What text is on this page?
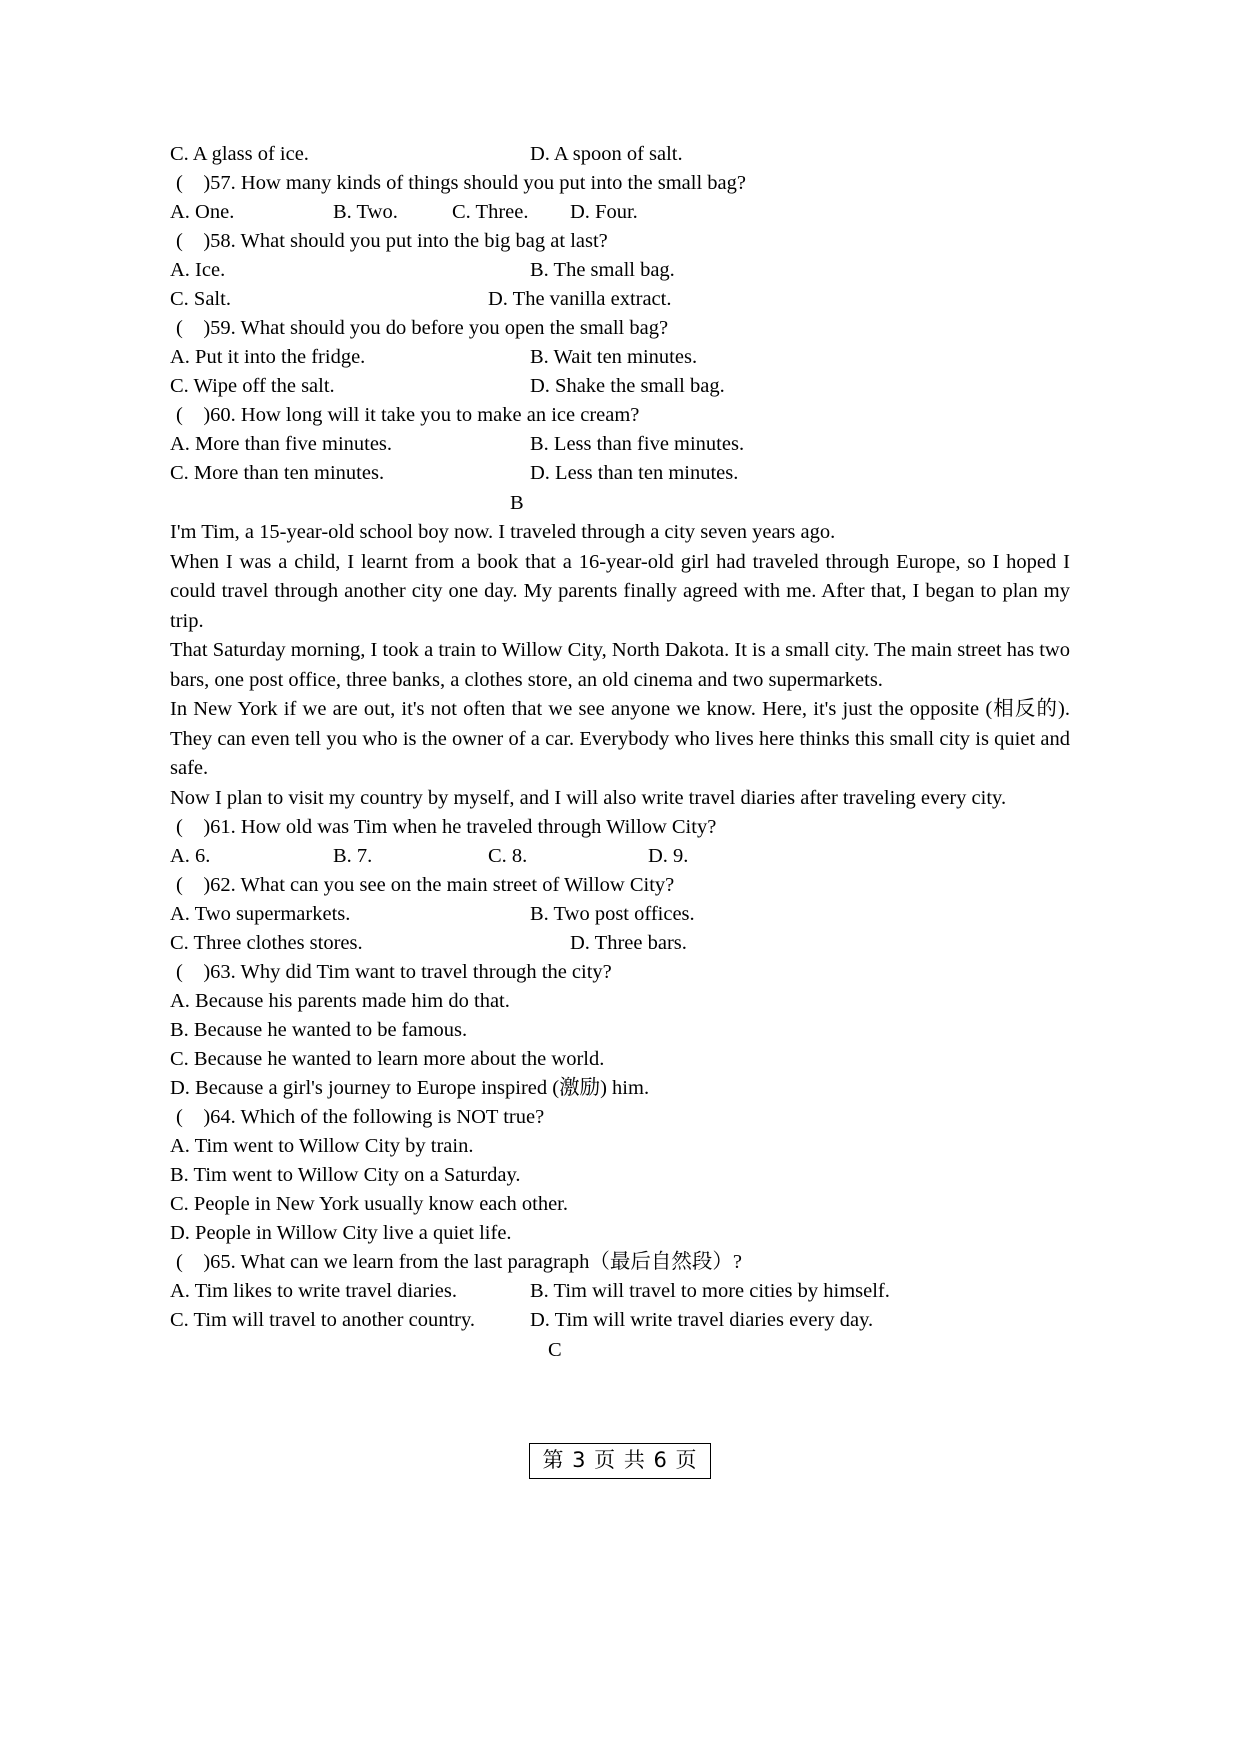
C. A glass of ice.

	D. A spoon of salt.

(    )57. How many kinds of things should you put into the small bag?

A. One.

	B. Two.

	C. Three.

D. Four.

(    )58. What should you put into the big bag at last?

A. Ice.

	B. The small bag.

C. Salt.

	D. The vanilla extract.

(    )59. What should you do before you open the small bag?

A. Put it into the fridge.

	B. Wait ten minutes.

C. Wipe off the salt.

	D. Shake the small bag.

(    )60. How long will it take you to make an ice cream?

A. More than five minutes.

	B. Less than five minutes.

C. More than ten minutes.

	D. Less than ten minutes.

B
I'm Tim, a 15-year-old school boy now. I traveled through a city seven years ago.
When I was a child, I learnt from a book that a 16-year-old girl had traveled through Europe, so I hoped I could travel through another city one day. My parents finally agreed with me. After that, I began to plan my trip.
That Saturday morning, I took a train to Willow City, North Dakota. It is a small city. The main street has two bars, one post office, three banks, a clothes store, an old cinema and two supermarkets.
In New York if we are out, it's not often that we see anyone we know. Here, it's just the opposite (相反的). They can even tell you who is the owner of a car. Everybody who lives here thinks this small city is quiet and safe.
Now I plan to visit my country by myself, and I will also write travel diaries after traveling every city.
(    )61. How old was Tim when he traveled through Willow City?

A. 6.

	B. 7.

	C. 8.

	D. 9.

(    )62. What can you see on the main street of Willow City?

A. Two supermarkets.

	B. Two post offices.

C. Three clothes stores.

	D. Three bars.

(    )63. Why did Tim want to travel through the city?
A. Because his parents made him do that.
B. Because he wanted to be famous.
C. Because he wanted to learn more about the world.
D. Because a girl's journey to Europe inspired (激励) him.
(    )64. Which of the following is NOT true?
A. Tim went to Willow City by train.
B. Tim went to Willow City on a Saturday.
C. People in New York usually know each other.
D. People in Willow City live a quiet life.
(    )65. What can we learn from the last paragraph（最后自然段）?

A. Tim likes to write travel diaries.

	B. Tim will travel to more cities by himself.

C. Tim will travel to another country.

	D. Tim will write travel diaries every day.

C
第 3 页 共 6 页
